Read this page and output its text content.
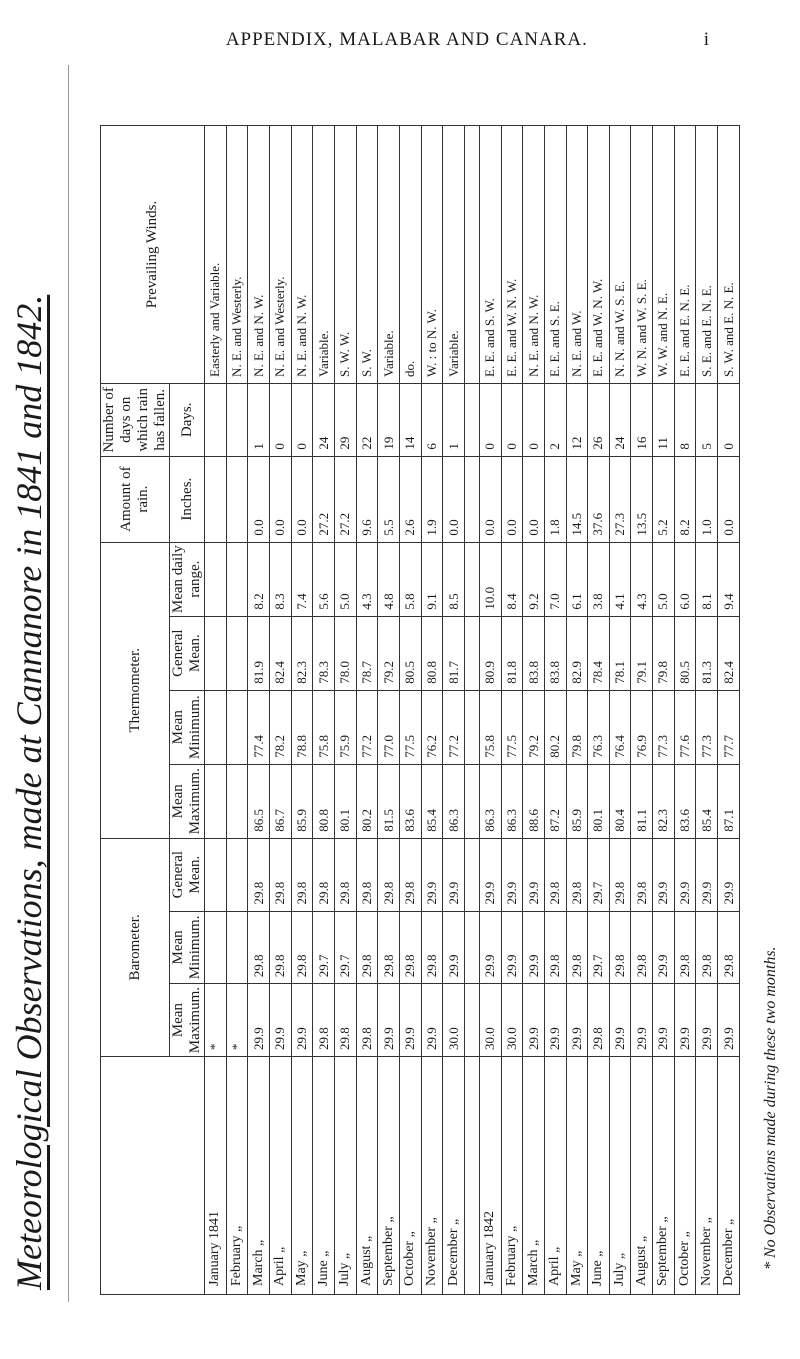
APPENDIX, MALABAR AND CANARA.	i
Meteorological Observations, made at Cannanore in 1841 and 1842.
		Barometer.			Thermometer.				Amount of rain.	Number of days on which rain has fallen.	Prevailing Winds.
	Mean Maximum.	Mean Minimum.	General Mean.	Mean Maximum.	Mean Minimum.	General Mean.	Mean daily range.	Inches.	Days.	
January 1841	*									Easterly and Variable.
February „	*									N. E. and Westerly.
March „	29.9	29.8	29.8	86.5	77.4	81.9	8.2	0.0	1	N. E. and N. W.
April „	29.9	29.8	29.8	86.7	78.2	82.4	8.3	0.0	0	N. E. and Westerly.
May „	29.9	29.8	29.8	85.9	78.8	82.3	7.4	0.0	0	N. E. and N. W.
June „	29.8	29.7	29.8	80.8	75.8	78.3	5.6	27.2	24	Variable.
July „	29.8	29.7	29.8	80.1	75.9	78.0	5.0	27.2	29	S. W. W.
August „	29.8	29.8	29.8	80.2	77.2	78.7	4.3	9.6	22	S. W.
September „	29.9	29.8	29.8	81.5	77.0	79.2	4.8	5.5	19	Variable.
October „	29.9	29.8	29.8	83.6	77.5	80.5	5.8	2.6	14	do.
November „	29.9	29.8	29.9	85.4	76.2	80.8	9.1	1.9	6	W. : to N. W.
December „	30.0	29.9	29.9	86.3	77.2	81.7	8.5	0.0	1	Variable.

January 1842	30.0	29.9	29.9	86.3	75.8	80.9	10.0	0.0	0	E. E. and S. W.
February „	30.0	29.9	29.9	86.3	77.5	81.8	8.4	0.0	0	E. E. and W. N. W.
March „	29.9	29.9	29.9	88.6	79.2	83.8	9.2	0.0	0	N. E. and N. W.
April „	29.9	29.8	29.8	87.2	80.2	83.8	7.0	1.8	2	E. E. and S. E.
May „	29.9	29.8	29.8	85.9	79.8	82.9	6.1	14.5	12	N. E. and W.
June „	29.8	29.7	29.7	80.1	76.3	78.4	3.8	37.6	26	E. E. and W. N. W.
July „	29.9	29.8	29.8	80.4	76.4	78.1	4.1	27.3	24	N. N. and W. S. E.
August „	29.9	29.8	29.8	81.1	76.9	79.1	4.3	13.5	16	W. N. and W. S. E.
September „	29.9	29.9	29.9	82.3	77.3	79.8	5.0	5.2	11	W. W. and N. E.
October „	29.9	29.8	29.9	83.6	77.6	80.5	6.0	8.2	8	E. E. and E. N. E.
November „	29.9	29.8	29.9	85.4	77.3	81.3	8.1	1.0	5	S. E. and E. N. E.
December „	29.9	29.8	29.9	87.1	77.7	82.4	9.4	0.0	0	S. W. and E. N. E.
* No Observations made during these two months.
